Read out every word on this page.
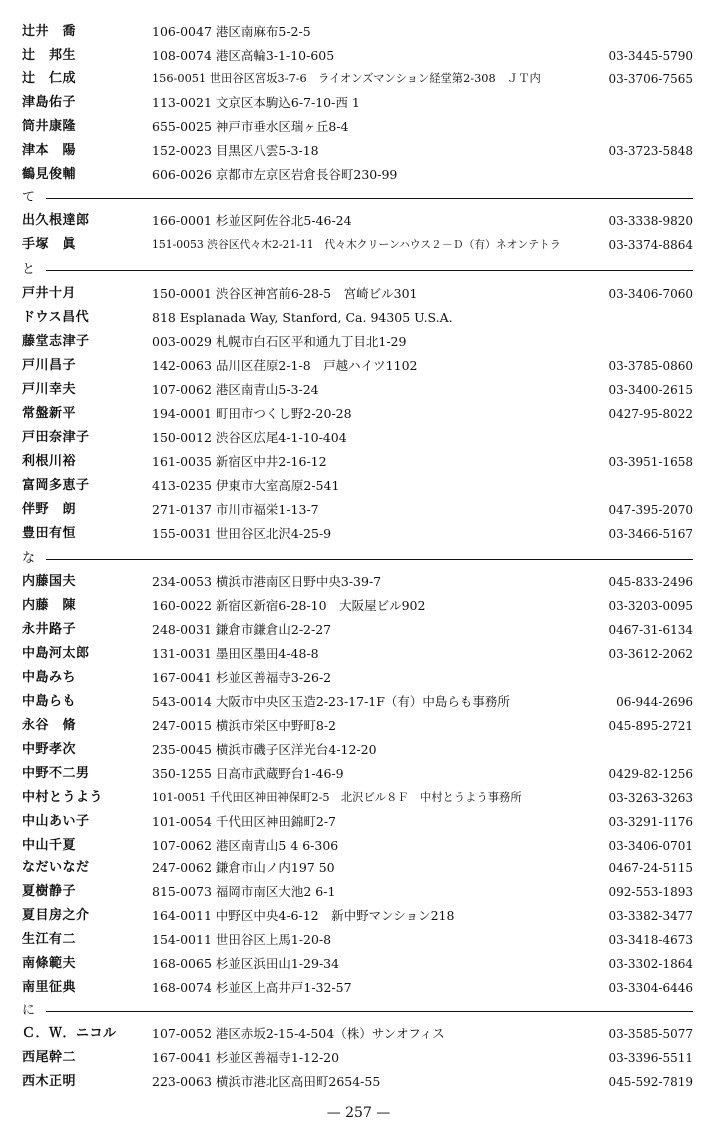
辻井　喬	106-0047 港区南麻布5-2-5
辻　邦生	108-0074 港区高輪3-1-10-605	03-3445-5790
辻　仁成	156-0051 世田谷区宮坂3-7-6　ライオンズマンション経堂第2-308　ＪＴ内	03-3706-7565
津島佑子	113-0021 文京区本駒込6-7-10-西 1
筒井康隆	655-0025 神戸市垂水区瑞ヶ丘8-4
津本　陽	152-0023 目黒区八雲5-3-18	03-3723-5848
鶴見俊輔	606-0026 京都市左京区岩倉長谷町230-99
て
出久根達郎	166-0001 杉並区阿佐谷北5-46-24	03-3338-9820
手塚　眞	151-0053 渋谷区代々木2-21-11　代々木クリーンハウス２－Ｄ（有）ネオンテトラ	03-3374-8864
と
戸井十月	150-0001 渋谷区神宮前6-28-5　宮崎ビル301	03-3406-7060
ドウス昌代	818 Esplanada Way, Stanford, Ca. 94305 U.S.A.
藤堂志津子	003-0029 札幌市白石区平和通九丁目北1-29
戸川昌子	142-0063 品川区荏原2-1-8　戸越ハイツ1102	03-3785-0860
戸川幸夫	107-0062 港区南青山5-3-24	03-3400-2615
常盤新平	194-0001 町田市つくし野2-20-28	0427-95-8022
戸田奈津子	150-0012 渋谷区広尾4-1-10-404
利根川裕	161-0035 新宿区中井2-16-12	03-3951-1658
富岡多恵子	413-0235 伊東市大室高原2-541
伴野　朗	271-0137 市川市福栄1-13-7	047-395-2070
豊田有恒	155-0031 世田谷区北沢4-25-9	03-3466-5167
な
内藤国夫	234-0053 横浜市港南区日野中央3-39-7	045-833-2496
内藤　陳	160-0022 新宿区新宿6-28-10　大阪屋ビル902	03-3203-0095
永井路子	248-0031 鎌倉市鎌倉山2-2-27	0467-31-6134
中島河太郎	131-0031 墨田区墨田4-48-8	03-3612-2062
中島みち	167-0041 杉並区善福寺3-26-2
中島らも	543-0014 大阪市中央区玉造2-23-17-1F（有）中島らも事務所	06-944-2696
永谷　脩	247-0015 横浜市栄区中野町8-2	045-895-2721
中野孝次	235-0045 横浜市磯子区洋光台4-12-20
中野不二男	350-1255 日高市武蔵野台1-46-9	0429-82-1256
中村とうよう	101-0051 千代田区神田神保町2-5　北沢ビル８Ｆ　中村とうよう事務所	03-3263-3263
中山あい子	101-0054 千代田区神田錦町2-7	03-3291-1176
中山千夏	107-0062 港区南青山5 4 6-306	03-3406-0701
なだいなだ	247-0062 鎌倉市山ノ内197 50	0467-24-5115
夏樹静子	815-0073 福岡市南区大池2 6-1	092-553-1893
夏目房之介	164-0011 中野区中央4-6-12　新中野マンション218	03-3382-3477
生江有二	154-0011 世田谷区上馬1-20-8	03-3418-4673
南條範夫	168-0065 杉並区浜田山1-29-34	03-3302-1864
南里征典	168-0074 杉並区上高井戸1-32-57	03-3304-6446
に
Ｃ．Ｗ．ニコル	107-0052 港区赤坂2-15-4-504（株）サンオフィス	03-3585-5077
西尾幹二	167-0041 杉並区善福寺1-12-20	03-3396-5511
西木正明	223-0063 横浜市港北区高田町2654-55	045-592-7819
— 257 —
